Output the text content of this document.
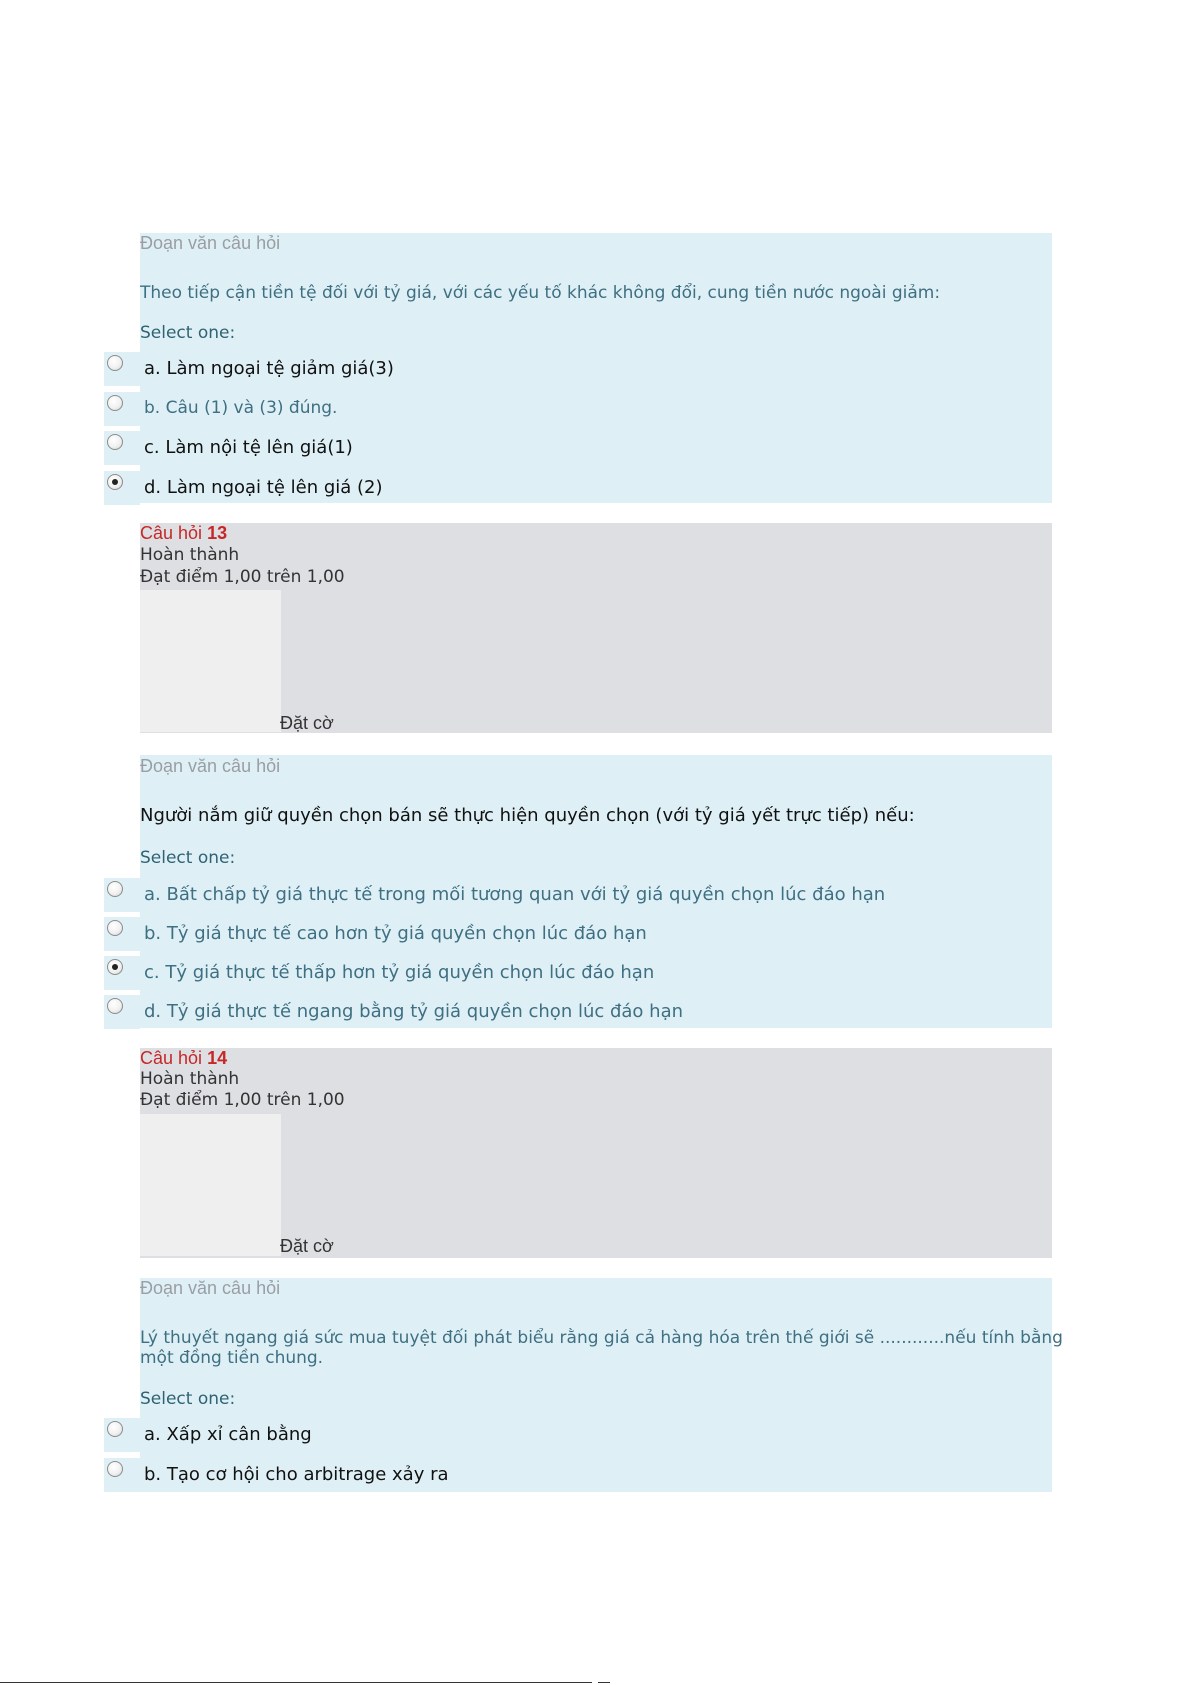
Đoạn văn câu hỏi
Theo tiếp cận tiền tệ đối với tỷ giá, với các yếu tố khác không đổi, cung tiền nước ngoài giảm:
Select one:
a. Làm ngoại tệ giảm giá(3)
b. Câu (1) và (3) đúng.
c. Làm nội tệ lên giá(1)
d. Làm ngoại tệ lên giá (2)
Câu hỏi 13
Hoàn thành
Đạt điểm 1,00 trên 1,00
Đặt cờ
Đoạn văn câu hỏi
Người nắm giữ quyền chọn bán sẽ thực hiện quyền chọn (với tỷ giá yết trực tiếp) nếu:
Select one:
a. Bất chấp tỷ giá thực tế trong mối tương quan với tỷ giá quyền chọn lúc đáo hạn
b. Tỷ giá thực tế cao hơn tỷ giá quyền chọn lúc đáo hạn
c. Tỷ giá thực tế thấp hơn tỷ giá quyền chọn lúc đáo hạn
d. Tỷ giá thực tế ngang bằng tỷ giá quyền chọn lúc đáo hạn
Câu hỏi 14
Hoàn thành
Đạt điểm 1,00 trên 1,00
Đặt cờ
Đoạn văn câu hỏi
Lý thuyết ngang giá sức mua tuyệt đối phát biểu rằng giá cả hàng hóa trên thế giới sẽ ............nếu tính bằng
một đồng tiền chung.
Select one:
a. Xấp xỉ cân bằng
b. Tạo cơ hội cho arbitrage xảy ra
